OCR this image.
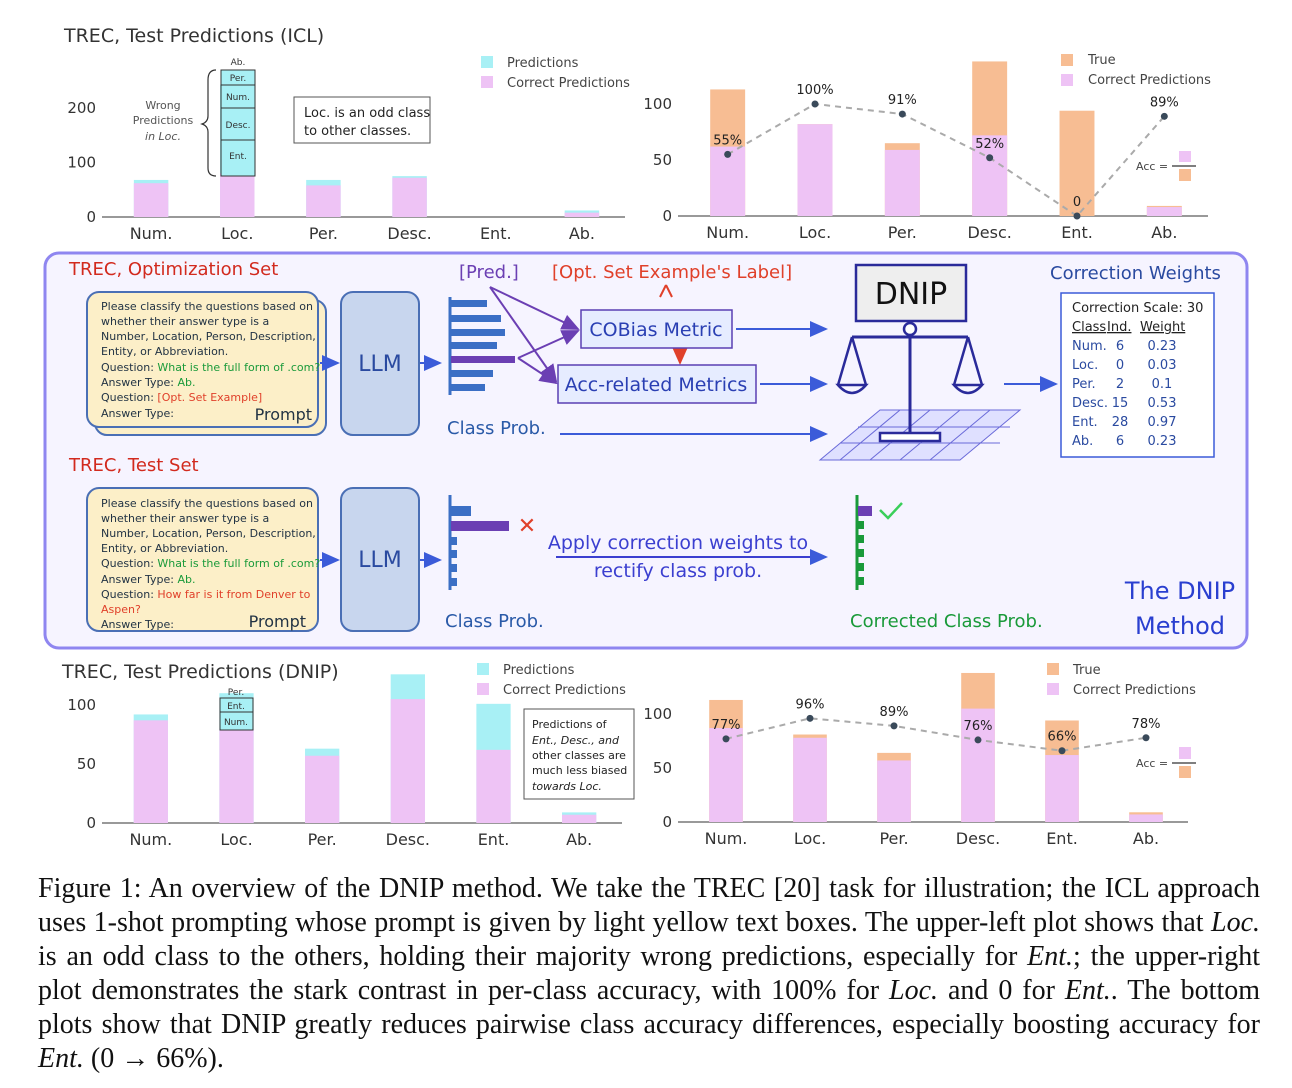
TREC, Test Predictions (ICL)
Predictions
Correct Predictions
0
100
200
Num.	Loc.	Per.	Desc.	Ent.	Ab.
Ab.
Per.
Num.
Desc.
Ent.
Wrong
Predictions
in Loc.
Loc. is an odd class
to other classes.
True
Correct Predictions
0
50
100
Num.	Loc.	Per.	Desc.	Ent.	Ab.
55%
100%
91%
52%
0
89%
Acc =
TREC, Optimization Set
TREC, Test Set
Please classify the questions based on
whether their answer type is a
Number, Location, Person, Description,
Entity, or Abbreviation.
Question: What is the full form of .com?
Answer Type: Ab.
Question: [Opt. Set Example]
Answer Type:	Prompt
LLM
LLM
Class Prob.
[Pred.] [Opt. Set Example's Label]
COBias Metric
Acc-related Metrics
DNIP
Correction Weights
Correction Scale: 30
Class Ind. Weight
Num. 6 0.23
Loc. 0 0.03
Per. 2 0.1
Desc. 15 0.53
Ent. 28 0.97
Ab. 6 0.23
Please classify the questions based on
whether their answer type is a
Number, Location, Person, Description,
Entity, or Abbreviation.
Question: What is the full form of .com?
Answer Type: Ab.
Question: How far is it from Denver to
Aspen?
Answer Type:	Prompt
✕
Class Prob.
Apply correction weights to
rectify class prob.
Corrected Class Prob.
The DNIP
Method
TREC, Test Predictions (DNIP)	Predictions
Correct Predictions
0
50
100
Num.	Loc.	Per.	Desc.	Ent.	Ab.
Per.
Ent.
Num.	Predictions of
Ent., Desc., and
other classes are
much less biased
towards Loc.
True
Correct Predictions
0
50
100
Num.	Loc.	Per.	Desc.	Ent.	Ab.
77%
96%
89%
76%
66%
78%
Acc =
Figure 1: An overview of the DNIP method. We take the TREC [20] task for illustration; the ICL approach uses 1-shot prompting whose prompt is given by light yellow text boxes. The upper-left plot shows that Loc. is an odd class to the others, holding their majority wrong predictions, especially for Ent.; the upper-right plot demonstrates the stark contrast in per-class accuracy, with 100% for Loc. and 0 for Ent.. The bottom plots show that DNIP greatly reduces pairwise class accuracy differences, especially boosting accuracy for Ent. (0 → 66%).
